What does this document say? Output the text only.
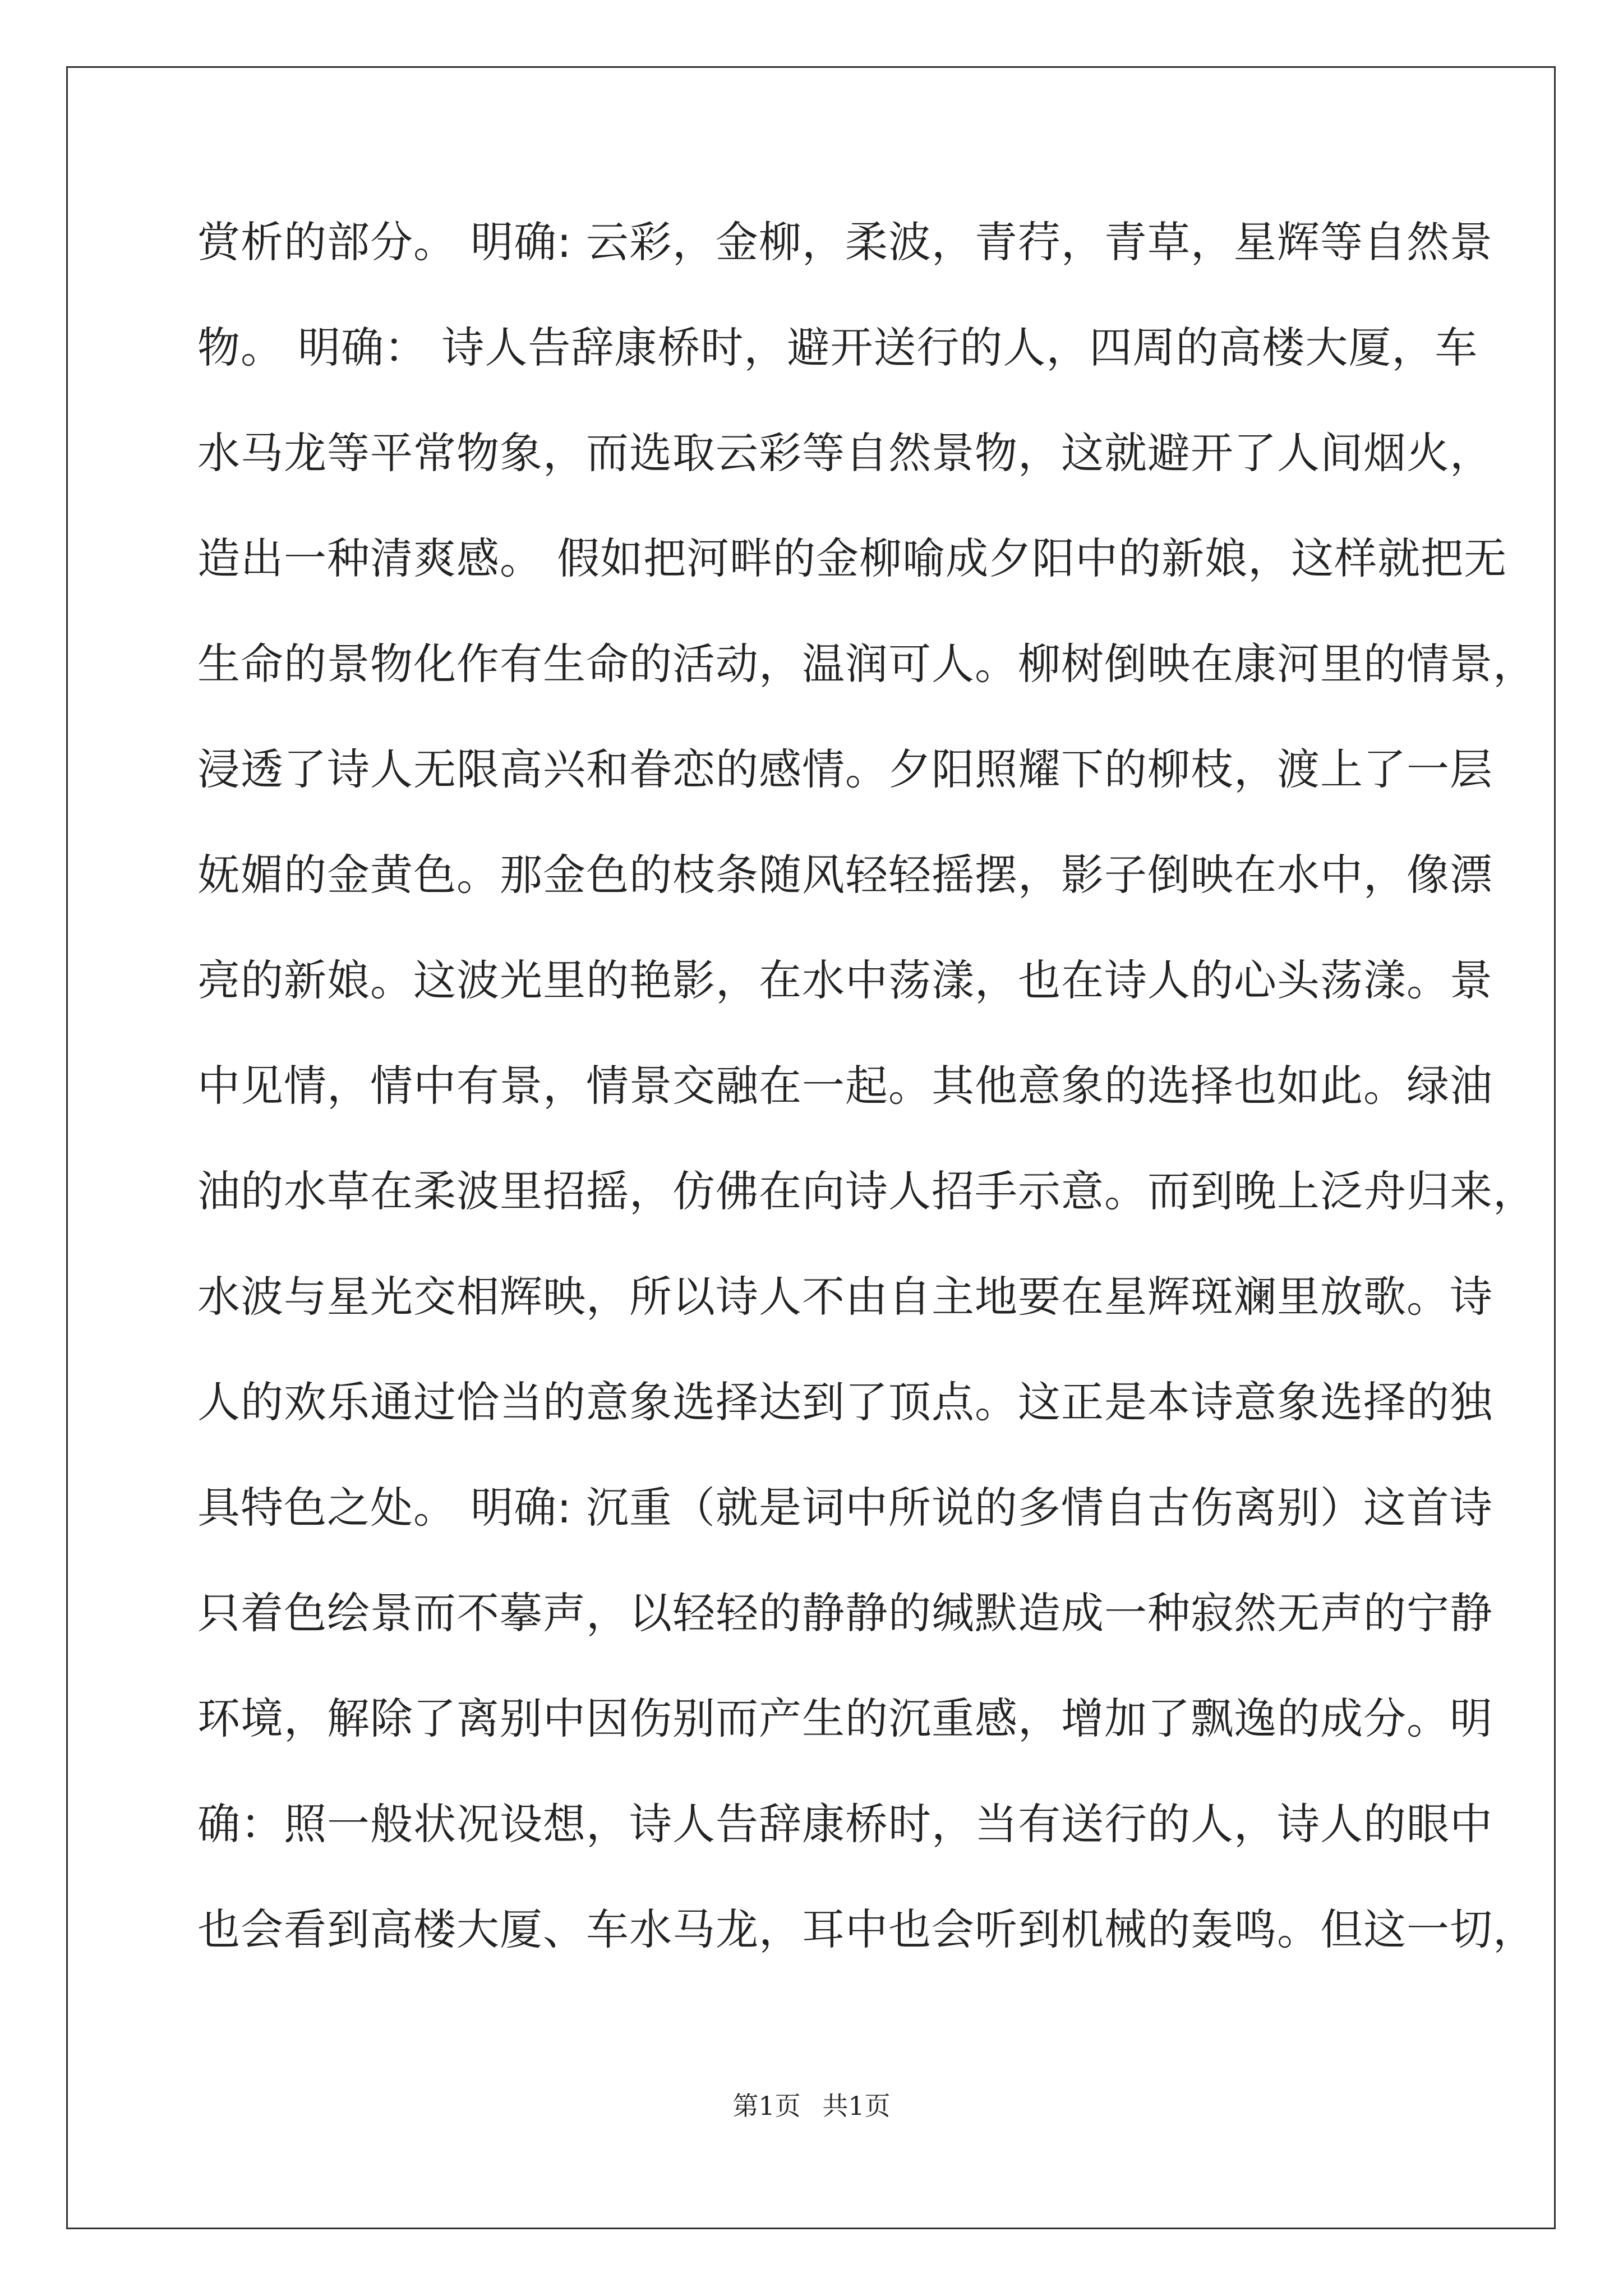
赏析的部分。 明确: 云彩，金柳，柔波，青荇，青草，星辉等自然景
物。 明确： 诗人告辞康桥时，避开送行的人，四周的高楼大厦，车
水马龙等平常物象，而选取云彩等自然景物，这就避开了人间烟火，
造出一种清爽感。 假如把河畔的金柳喻成夕阳中的新娘，这样就把无
生命的景物化作有生命的活动，温润可人。柳树倒映在康河里的情景，
浸透了诗人无限高兴和眷恋的感情。夕阳照耀下的柳枝，渡上了一层
妩媚的金黄色。那金色的枝条随风轻轻摇摆，影子倒映在水中，像漂
亮的新娘。这波光里的艳影，在水中荡漾，也在诗人的心头荡漾。景
中见情，情中有景，情景交融在一起。其他意象的选择也如此。绿油
油的水草在柔波里招摇，仿佛在向诗人招手示意。而到晚上泛舟归来，
水波与星光交相辉映，所以诗人不由自主地要在星辉斑斓里放歌。诗
人的欢乐通过恰当的意象选择达到了顶点。这正是本诗意象选择的独
具特色之处。 明确: 沉重（就是词中所说的多情自古伤离别）这首诗
只着色绘景而不摹声，以轻轻的静静的缄默造成一种寂然无声的宁静
环境，解除了离别中因伤别而产生的沉重感，增加了飘逸的成分。明
确：照一般状况设想，诗人告辞康桥时，当有送行的人，诗人的眼中
也会看到高楼大厦、车水马龙，耳中也会听到机械的轰鸣。但这一切，
第1页 共1页
